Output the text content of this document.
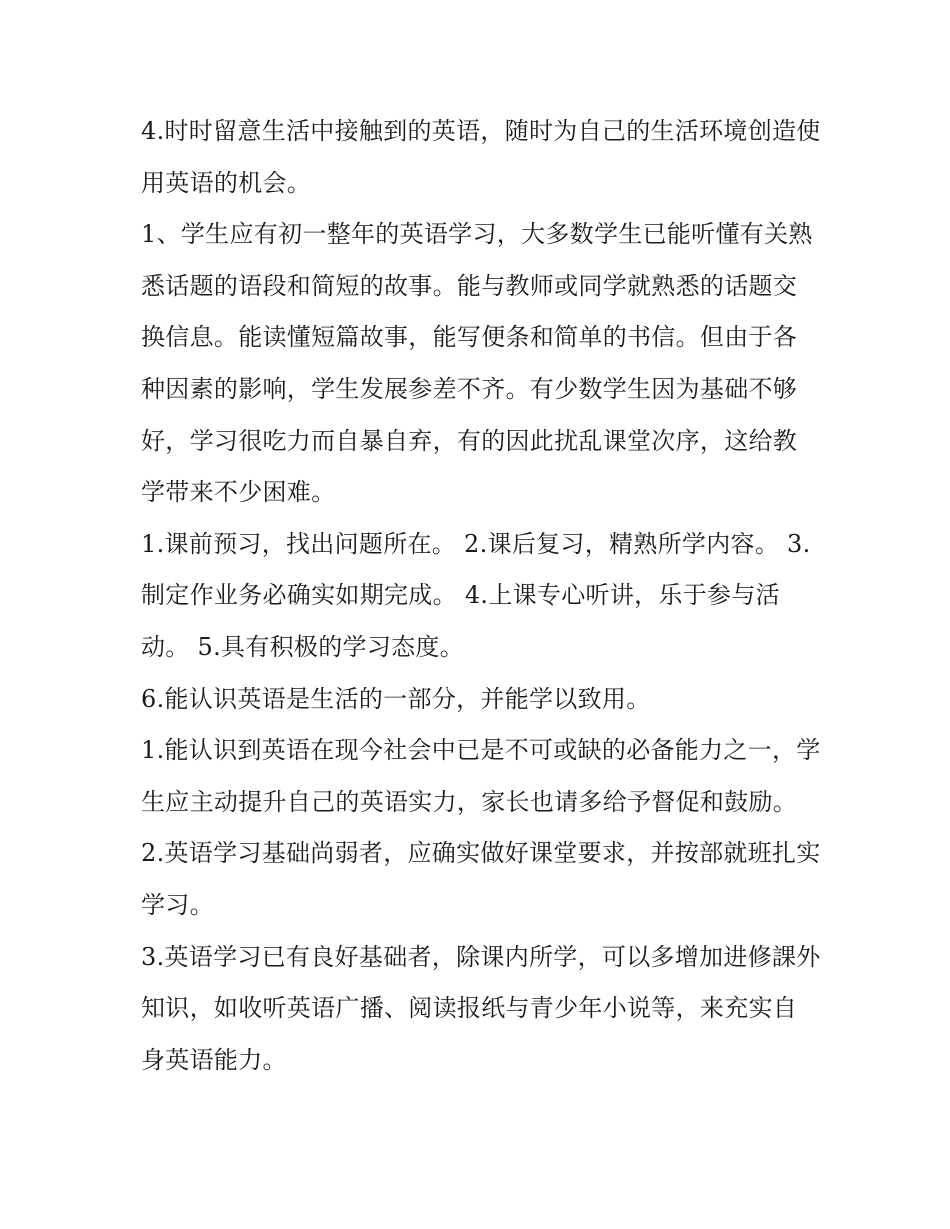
4.时时留意生活中接触到的英语，随时为自己的生活环境创造使用英语的机会。

1、学生应有初一整年的英语学习，大多数学生已能听懂有关熟悉话题的语段和简短的故事。能与教师或同学就熟悉的话题交换信息。能读懂短篇故事，能写便条和简单的书信。但由于各种因素的影响，学生发展参差不齐。有少数学生因为基础不够好，学习很吃力而自暴自弃，有的因此扰乱课堂次序，这给教学带来不少困难。

1.课前预习，找出问题所在。 2.课后复习，精熟所学内容。 3.制定作业务必确实如期完成。 4.上课专心听讲，乐于参与活动。 5.具有积极的学习态度。

6.能认识英语是生活的一部分，并能学以致用。

1.能认识到英语在现今社会中已是不可或缺的必备能力之一，学生应主动提升自己的英语实力，家长也请多给予督促和鼓励。

2.英语学习基础尚弱者，应确实做好课堂要求，并按部就班扎实学习。

3.英语学习已有良好基础者，除课内所学，可以多增加进修課外知识，如收听英语广播、阅读报纸与青少年小说等，来充实自身英语能力。
